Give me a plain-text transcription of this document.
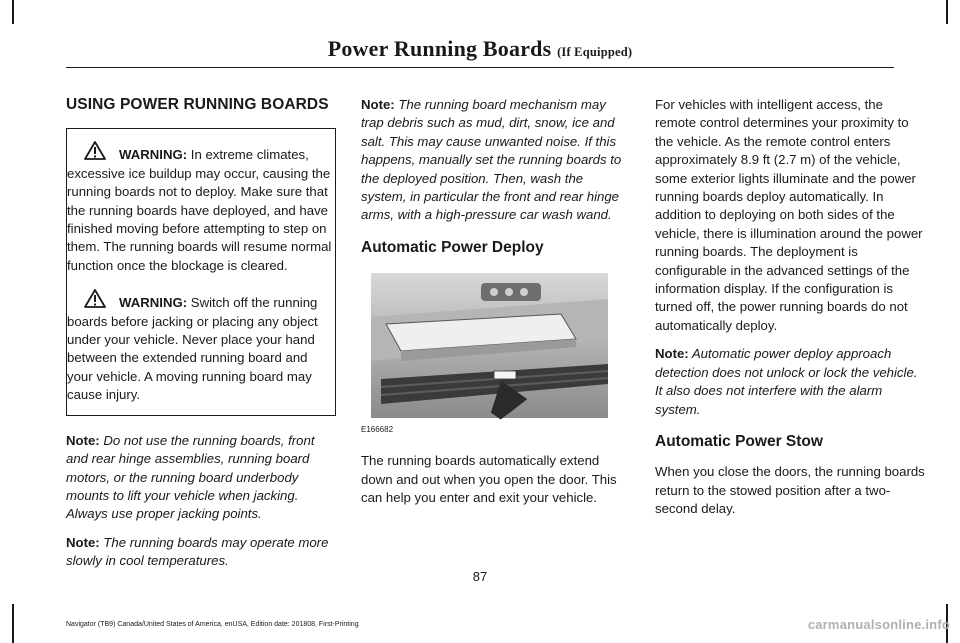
Power Running Boards (If Equipped)
USING POWER RUNNING BOARDS

WARNING: In extreme climates, excessive ice buildup may occur, causing the running boards not to deploy. Make sure that the running boards have deployed, and have finished moving before attempting to step on them. The running boards will resume normal function once the blockage is cleared.

WARNING: Switch off the running boards before jacking or placing any object under your vehicle. Never place your hand between the extended running board and your vehicle. A moving running board may cause injury.

Note: Do not use the running boards, front and rear hinge assemblies, running board motors, or the running board underbody mounts to lift your vehicle when jacking. Always use proper jacking points.

Note: The running boards may operate more slowly in cool temperatures.

Note: The running board mechanism may trap debris such as mud, dirt, snow, ice and salt. This may cause unwanted noise. If this happens, manually set the running boards to the deployed position. Then, wash the system, in particular the front and rear hinge arms, with a high-pressure car wash wand.

Automatic Power Deploy
E166682

The running boards automatically extend down and out when you open the door. This can help you enter and exit your vehicle.

For vehicles with intelligent access, the remote control determines your proximity to the vehicle. As the remote control enters approximately 8.9 ft (2.7 m) of the vehicle, some exterior lights illuminate and the power running boards deploy automatically. In addition to deploying on both sides of the vehicle, there is illumination around the power running boards. The deployment is configurable in the advanced settings of the information display. If the configuration is turned off, the power running boards do not automatically deploy.

Note: Automatic power deploy approach detection does not unlock or lock the vehicle. It also does not interfere with the alarm system.

Automatic Power Stow

When you close the doors, the running boards return to the stowed position after a two-second delay.

87
Navigator (TB9) Canada/United States of America, enUSA, Edition date: 201808, First-Printing	carmanualsonline.info
